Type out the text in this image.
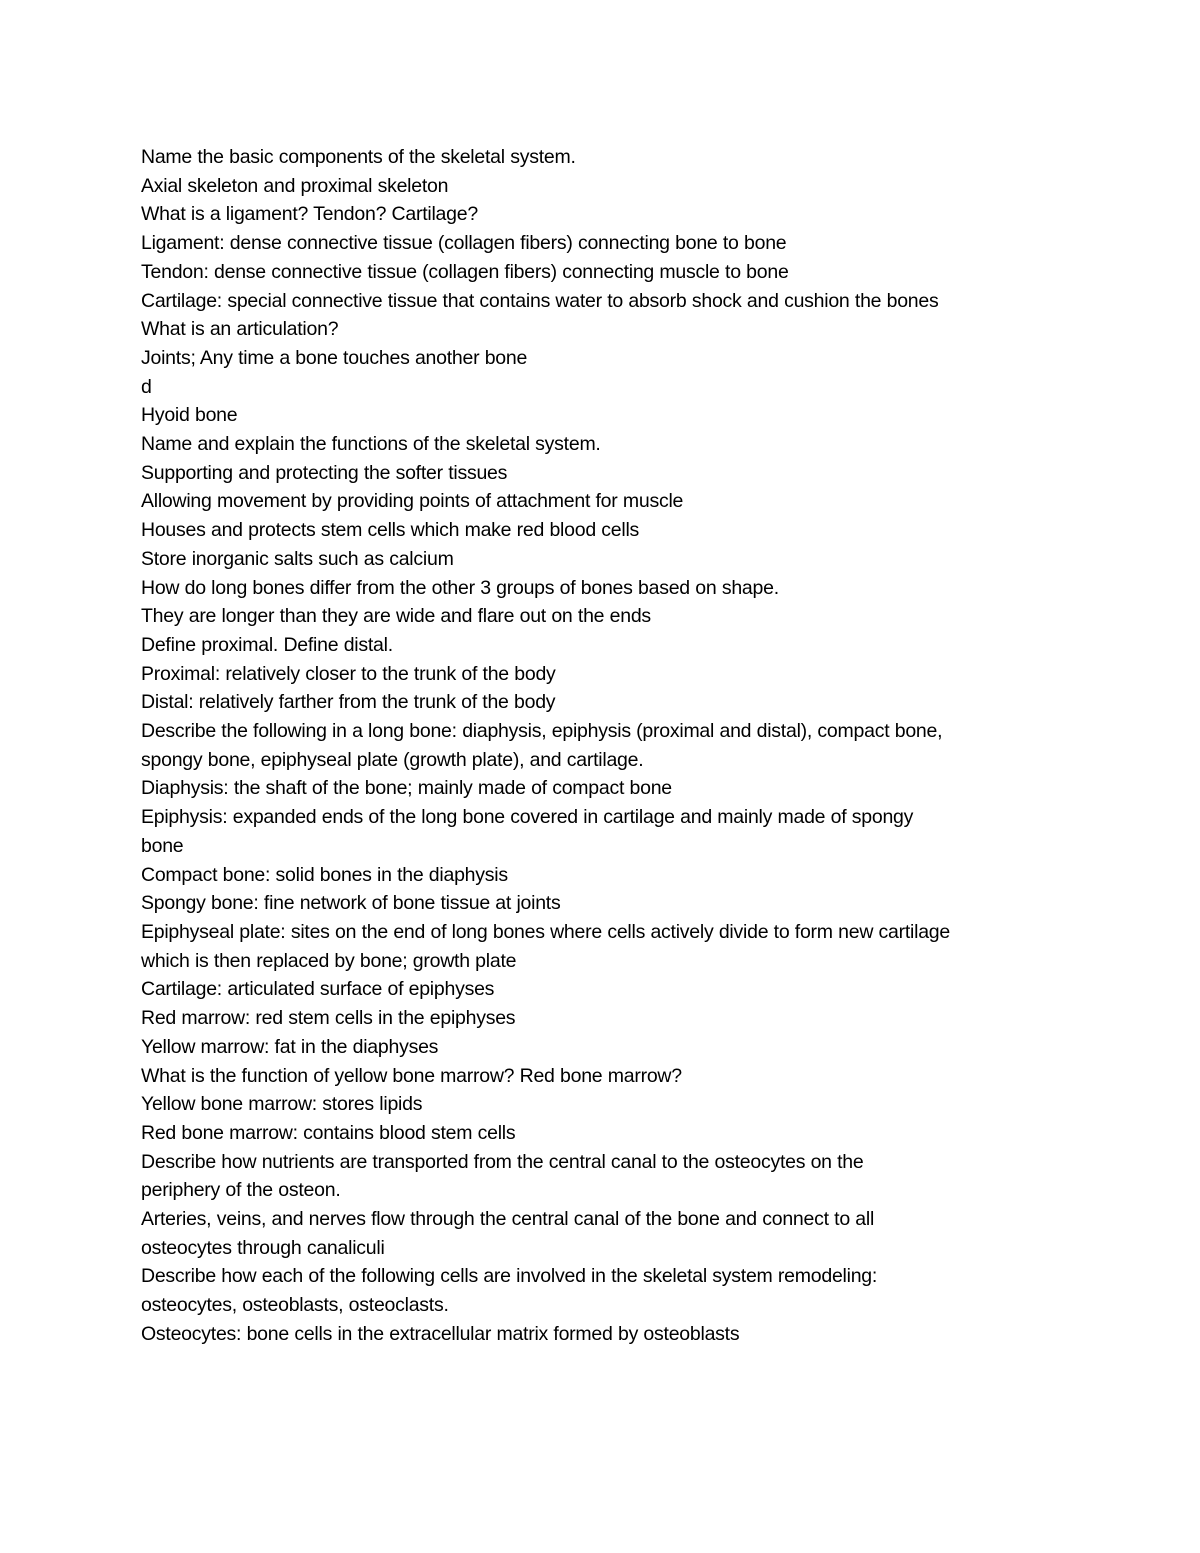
Name the basic components of the skeletal system.

Axial skeleton and proximal skeleton

What is a ligament? Tendon? Cartilage?

Ligament: dense connective tissue (collagen fibers) connecting bone to bone

Tendon: dense connective tissue (collagen fibers) connecting muscle to bone

Cartilage: special connective tissue that contains water to absorb shock and cushion the bones

What is an articulation?

Joints; Any time a bone touches another bone

d

Hyoid bone

Name and explain the functions of the skeletal system.

Supporting and protecting the softer tissues

Allowing movement by providing points of attachment for muscle

Houses and protects stem cells which make red blood cells

Store inorganic salts such as calcium

How do long bones differ from the other 3 groups of bones based on shape.

They are longer than they are wide and flare out on the ends

Define proximal. Define distal.

Proximal: relatively closer to the trunk of the body

Distal: relatively farther from the trunk of the body

Describe the following in a long bone: diaphysis, epiphysis (proximal and distal), compact bone,

spongy bone, epiphyseal plate (growth plate), and cartilage.

Diaphysis: the shaft of the bone; mainly made of compact bone

Epiphysis: expanded ends of the long bone covered in cartilage and mainly made of spongy

bone

Compact bone: solid bones in the diaphysis

Spongy bone: fine network of bone tissue at joints

Epiphyseal plate: sites on the end of long bones where cells actively divide to form new cartilage

which is then replaced by bone; growth plate

Cartilage: articulated surface of epiphyses

Red marrow: red stem cells in the epiphyses

Yellow marrow: fat in the diaphyses

What is the function of yellow bone marrow? Red bone marrow?

Yellow bone marrow: stores lipids

Red bone marrow: contains blood stem cells

Describe how nutrients are transported from the central canal to the osteocytes on the

periphery of the osteon.

Arteries, veins, and nerves flow through the central canal of the bone and connect to all

osteocytes through canaliculi

Describe how each of the following cells are involved in the skeletal system remodeling:

osteocytes, osteoblasts, osteoclasts.

Osteocytes: bone cells in the extracellular matrix formed by osteoblasts
